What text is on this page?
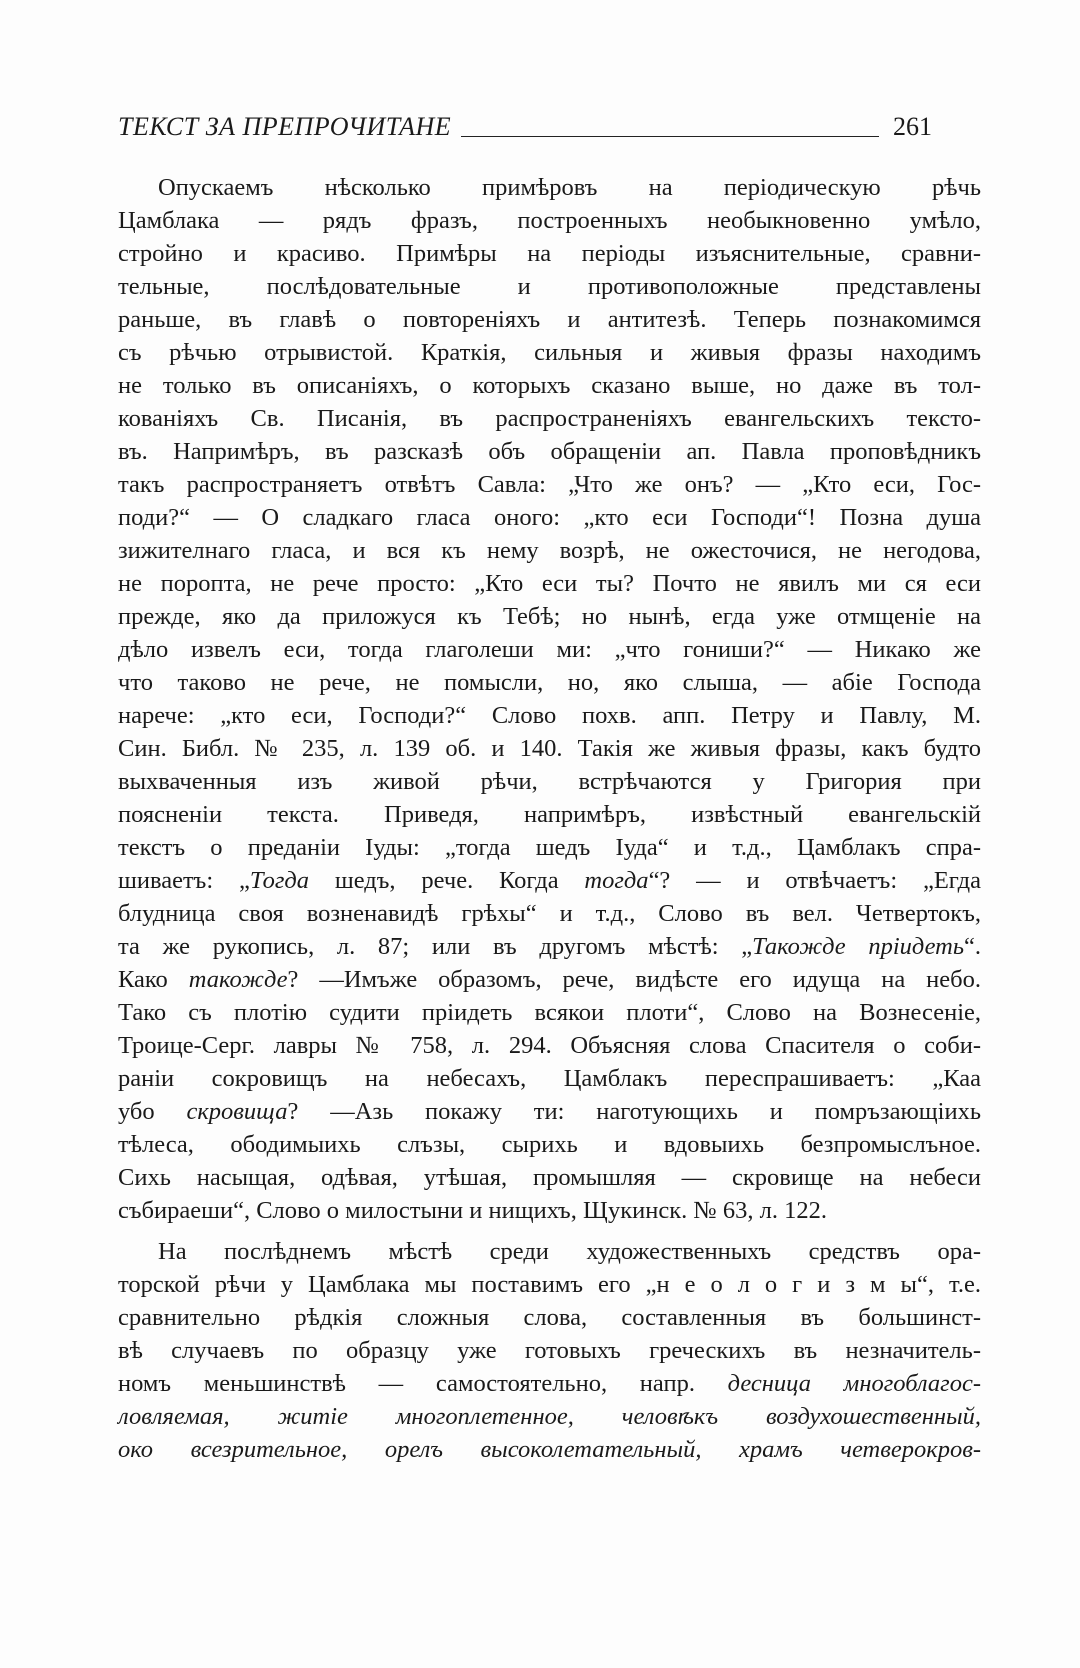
ТЕКСТ ЗА ПРЕПРОЧИТАНЕ	261
Опускаемъ нѣсколько примѣровъ на періодическую рѣчь
Цамблака — рядъ фразъ, построенныхъ необыкновенно умѣло,
стройно и красиво. Примѣры на періоды изъяснительные, сравни-
тельные, послѣдовательные и противоположные представлены
раньше, въ главѣ о повтореніяхъ и антитезѣ. Теперь познакомимся
съ рѣчью отрывистой. Краткія, сильныя и живыя фразы находимъ
не только въ описаніяхъ, о которыхъ сказано выше, но даже въ тол-
кованіяхъ Св. Писанія, въ распространеніяхъ евангельскихъ тексто-
въ. Напримѣръ, въ разсказѣ объ обращеніи ап. Павла проповѣдникъ
такъ распространяетъ отвѣтъ Савла: „Что же онъ? — „Кто еси, Гос-
поди?“ — О сладкаго гласа оного: „кто еси Господи“! Позна душа
зижителнаго гласа, и вся къ нему возрѣ, не ожесточися, не негодова,
не поропта, не рече просто: „Кто еси ты? Почто не явилъ ми ся еси
прежде, яко да приложуся къ Тебѣ; но нынѣ, егда уже отмщеніе на
дѣло извелъ еси, тогда глаголеши ми: „что гониши?“ — Никако же
что таково не рече, не помысли, но, яко слыша, — абіе Господа
нарече: „кто еси, Господи?“ Слово похв. апп. Петру и Павлу, М.
Син. Библ. № 235, л. 139 об. и 140. Такія же живыя фразы, какъ будто
выхваченныя изъ живой рѣчи, встрѣчаются у Григория при
поясненіи текста. Приведя, напримѣръ, извѣстный евангельскій
текстъ о преданіи Іуды: „тогда шедъ Іуда“ и т.д., Цамблакъ спра-
шиваетъ: „Тогда шедъ, рече. Когда тогда“? — и отвѣчаетъ: „Егда
блудница своя возненавидѣ грѣхы“ и т.д., Слово въ вел. Четвертокъ,
та же рукопись, л. 87; или въ другомъ мѣстѣ: „Такожде пріидеть“.
Како такожде? —Имъже образомъ, рече, видѣсте его идуща на небо.
Тако съ плотію судити пріидеть всякои плоти“, Слово на Вознесеніе,
Троице-Серг. лавры № 758, л. 294. Объясняя слова Спасителя о соби-
раніи сокровищъ на небесахъ, Цамблакъ переспрашиваетъ: „Каа
убо скровища? —Азь покажу ти: наготующихь и помръзающіихь
тѣлеса, ободимыихь слъзы, сырихь и вдовыихь безпромыслъное.
Сихь насыщая, одѣвая, утѣшая, промышляя — скровище на небеси
събираеши“, Слово о милостыни и нищихъ, Щукинск. № 63, л. 122.
На послѣднемъ мѣстѣ среди художественныхъ средствъ ора-
торской рѣчи у Цамблака мы поставимъ его „н е о л о г и з м ы“, т.е.
сравнительно рѣдкія сложныя слова, составленныя въ большинст-
вѣ случаевъ по образцу уже готовыхъ греческихъ въ незначитель-
номъ меньшинствѣ — самостоятельно, напр. десница многоблагос-
ловляемая, житіе многоплетенное, человѣкъ воздухошественный,
око всезрительное, орелъ высоколетательный, храмъ четверокров-
